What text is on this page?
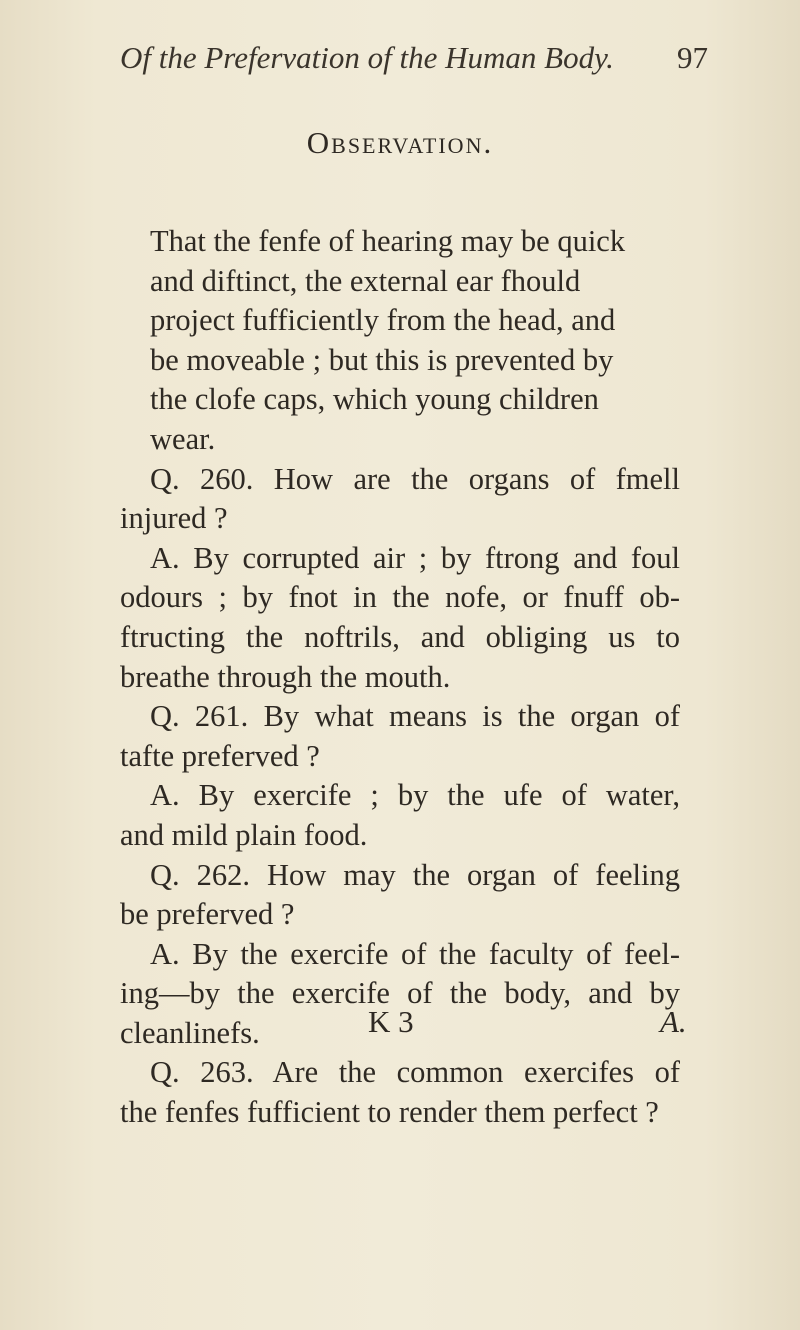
Of the Prefervation of the Human Body. 97
Observation.
That the fenfe of hearing may be quick
and diftinct, the external ear fhould
project fufficiently from the head, and
be moveable ; but this is prevented by
the clofe caps, which young children
wear.
Q. 260. How are the organs of fmell
injured ?
A. By corrupted air ; by ftrong and foul
odours ; by fnot in the nofe, or fnuff ob-
ftructing the noftrils, and obliging us to
breathe through the mouth.
Q. 261. By what means is the organ of
tafte preferved ?
A. By exercife ; by the ufe of water,
and mild plain food.
Q. 262. How may the organ of feeling
be preferved ?
A. By the exercife of the faculty of feel-
ing—by the exercife of the body, and by
cleanlinefs.
Q. 263. Are the common exercifes of
the fenfes fufficient to render them perfect ?
K 3	A.
